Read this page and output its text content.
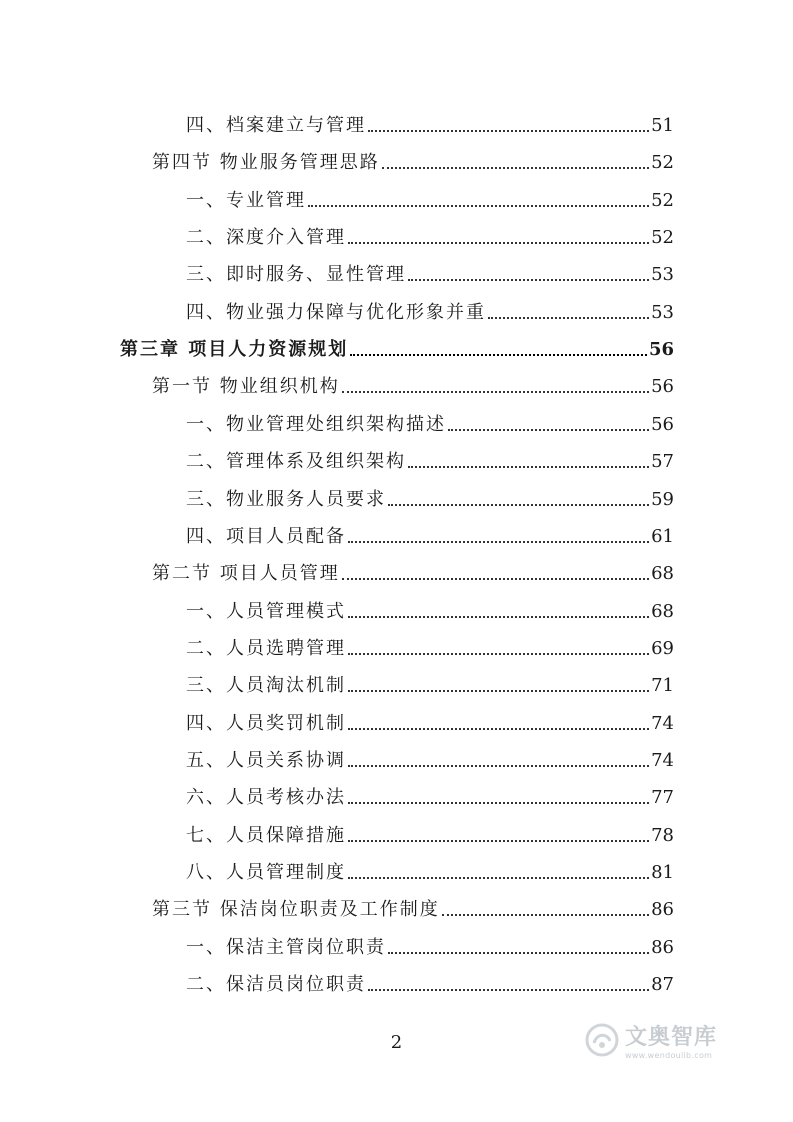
四、档案建立与管理	51
第四节 物业服务管理思路	52
一、专业管理	52
二、深度介入管理	52
三、即时服务、显性管理	53
四、物业强力保障与优化形象并重	53
第三章 项目人力资源规划	56
第一节 物业组织机构	56
一、物业管理处组织架构描述	56
二、管理体系及组织架构	57
三、物业服务人员要求	59
四、项目人员配备	61
第二节 项目人员管理	68
一、人员管理模式	68
二、人员选聘管理	69
三、人员淘汰机制	71
四、人员奖罚机制	74
五、人员关系协调	74
六、人员考核办法	77
七、人员保障措施	78
八、人员管理制度	81
第三节 保洁岗位职责及工作制度	86
一、保洁主管岗位职责	86
二、保洁员岗位职责	87
2	文奥智库
www.wendoulib.com
